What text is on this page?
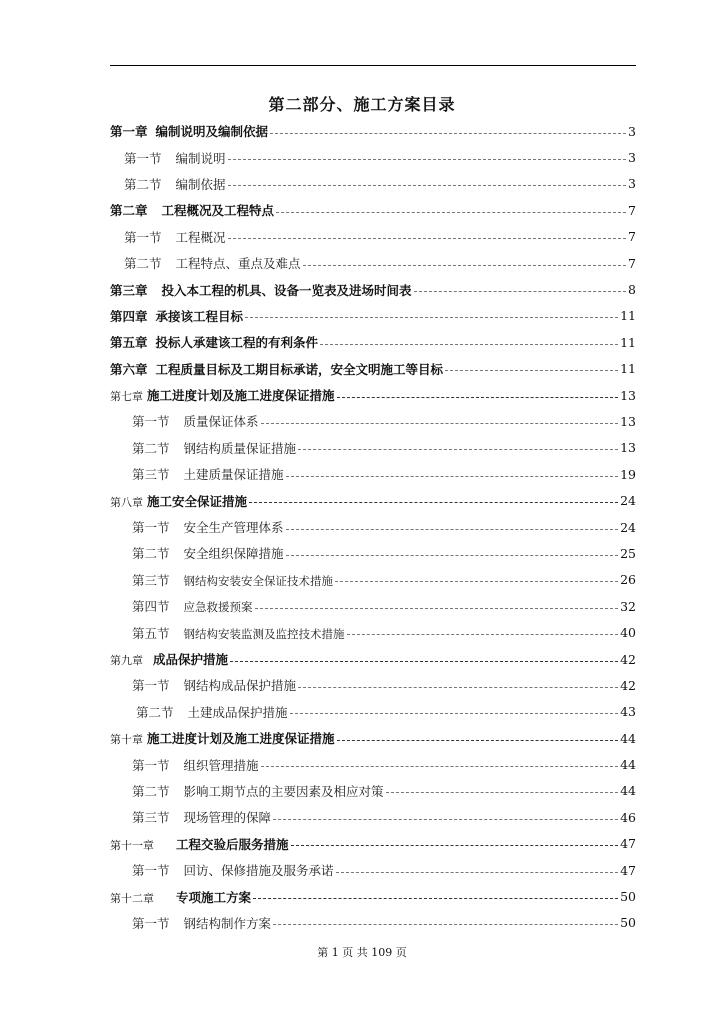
第二部分、施工方案目录
第一章 编制说明及编制依据	3
第一节 编制说明	3
第二节 编制依据	3
第二章 工程概况及工程特点	7
第一节 工程概况	7
第二节 工程特点、重点及难点	7
第三章 投入本工程的机具、设备一览表及进场时间表	8
第四章 承接该工程目标	11
第五章 投标人承建该工程的有利条件	11
第六章 工程质量目标及工期目标承诺，安全文明施工等目标	11
第七章 施工进度计划及施工进度保证措施	13
第一节 质量保证体系	13
第二节 钢结构质量保证措施	13
第三节 土建质量保证措施	19
第八章 施工安全保证措施	24
第一节 安全生产管理体系	24
第二节 安全组织保障措施	25
第三节 钢结构安装安全保证技术措施	26
第四节 应急救援预案	32
第五节 钢结构安装监测及监控技术措施	40
第九章 成品保护措施	42
第一节 钢结构成品保护措施	42
第二节 土建成品保护措施	43
第十章 施工进度计划及施工进度保证措施	44
第一节 组织管理措施	44
第二节 影响工期节点的主要因素及相应对策	44
第三节 现场管理的保障	46
第十一章 工程交验后服务措施	47
第一节 回访、保修措施及服务承诺	47
第十二章 专项施工方案	50
第一节 钢结构制作方案	50
第 1 页 共 109 页
